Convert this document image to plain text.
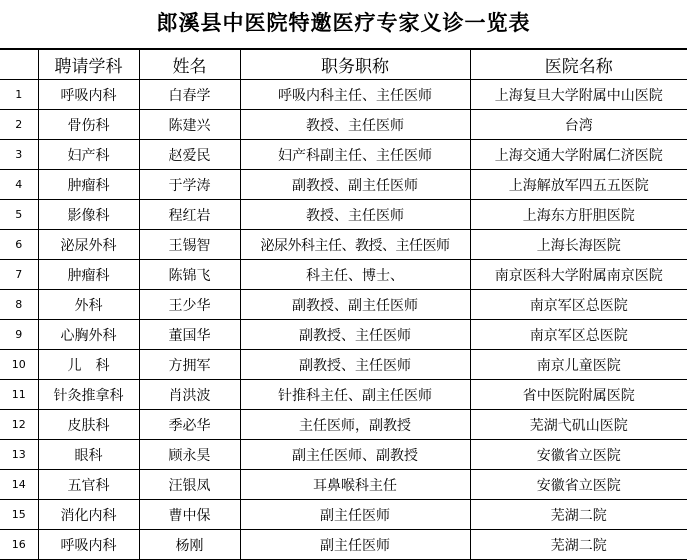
郎溪县中医院特邀医疗专家义诊一览表
	聘请学科	姓名	职务职称	医院名称
1	呼吸内科	白春学	呼吸内科主任、主任医师	上海复旦大学附属中山医院
2	骨伤科	陈建兴	教授、主任医师	台湾
3	妇产科	赵爱民	妇产科副主任、主任医师	上海交通大学附属仁济医院
4	肿瘤科	于学涛	副教授、副主任医师	上海解放军四五五医院
5	影像科	程红岩	教授、主任医师	上海东方肝胆医院
6	泌尿外科	王锡智	泌尿外科主任、教授、主任医师	上海长海医院
7	肿瘤科	陈锦飞	科主任、博士、	南京医科大学附属南京医院
8	外科	王少华	副教授、副主任医师	南京军区总医院
9	心胸外科	董国华	副教授、主任医师	南京军区总医院
10	儿　科	方拥军	副教授、主任医师	南京儿童医院
11	针灸推拿科	肖洪波	针推科主任、副主任医师	省中医院附属医院
12	皮肤科	季必华	主任医师，副教授	芜湖弋矶山医院
13	眼科	顾永昊	副主任医师、副教授	安徽省立医院
14	五官科	汪银凤	耳鼻喉科主任	安徽省立医院
15	消化内科	曹中保	副主任医师	芜湖二院
16	呼吸内科	杨刚	副主任医师	芜湖二院
